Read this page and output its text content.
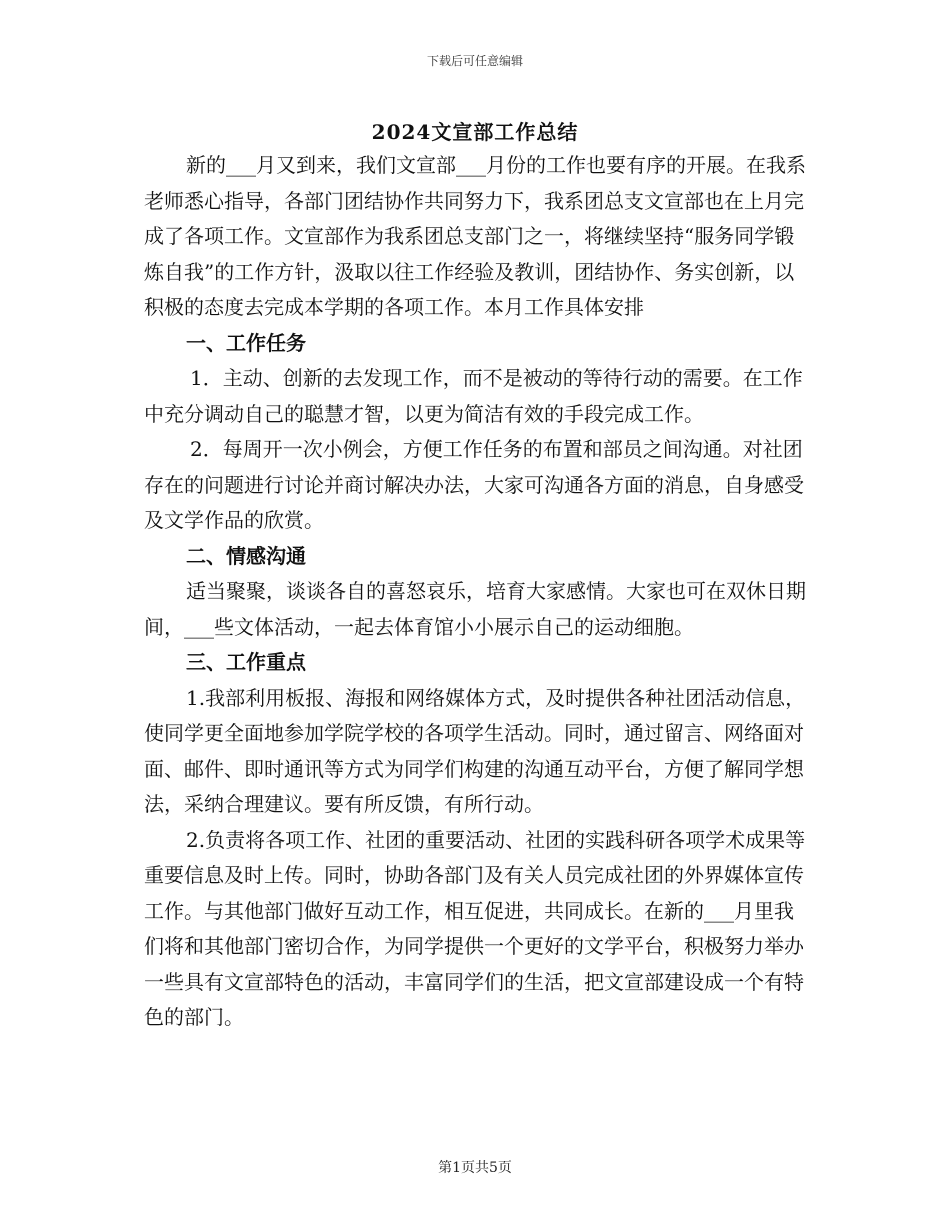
下载后可任意编辑
2024文宣部工作总结

新的___月又到来，我们文宣部___月份的工作也要有序的开展。在我系老师悉心指导，各部门团结协作共同努力下，我系团总支文宣部也在上月完成了各项工作。文宣部作为我系团总支部门之一，将继续坚持“服务同学锻炼自我”的工作方针，汲取以往工作经验及教训，团结协作、务实创新，以积极的态度去完成本学期的各项工作。本月工作具体安排

一、工作任务

1．主动、创新的去发现工作，而不是被动的等待行动的需要。在工作中充分调动自己的聪慧才智，以更为简洁有效的手段完成工作。

2．每周开一次小例会，方便工作任务的布置和部员之间沟通。对社团存在的问题进行讨论并商讨解决办法，大家可沟通各方面的消息，自身感受及文学作品的欣赏。

二、情感沟通

适当聚聚，谈谈各自的喜怒哀乐，培育大家感情。大家也可在双休日期间，___些文体活动，一起去体育馆小小展示自己的运动细胞。

三、工作重点

1.我部利用板报、海报和网络媒体方式，及时提供各种社团活动信息，使同学更全面地参加学院学校的各项学生活动。同时，通过留言、网络面对面、邮件、即时通讯等方式为同学们构建的沟通互动平台，方便了解同学想法，采纳合理建议。要有所反馈，有所行动。

2.负责将各项工作、社团的重要活动、社团的实践科研各项学术成果等重要信息及时上传。同时，协助各部门及有关人员完成社团的外界媒体宣传工作。与其他部门做好互动工作，相互促进，共同成长。在新的___月里我们将和其他部门密切合作，为同学提供一个更好的文学平台，积极努力举办一些具有文宣部特色的活动，丰富同学们的生活，把文宣部建设成一个有特色的部门。

第1页共5页
